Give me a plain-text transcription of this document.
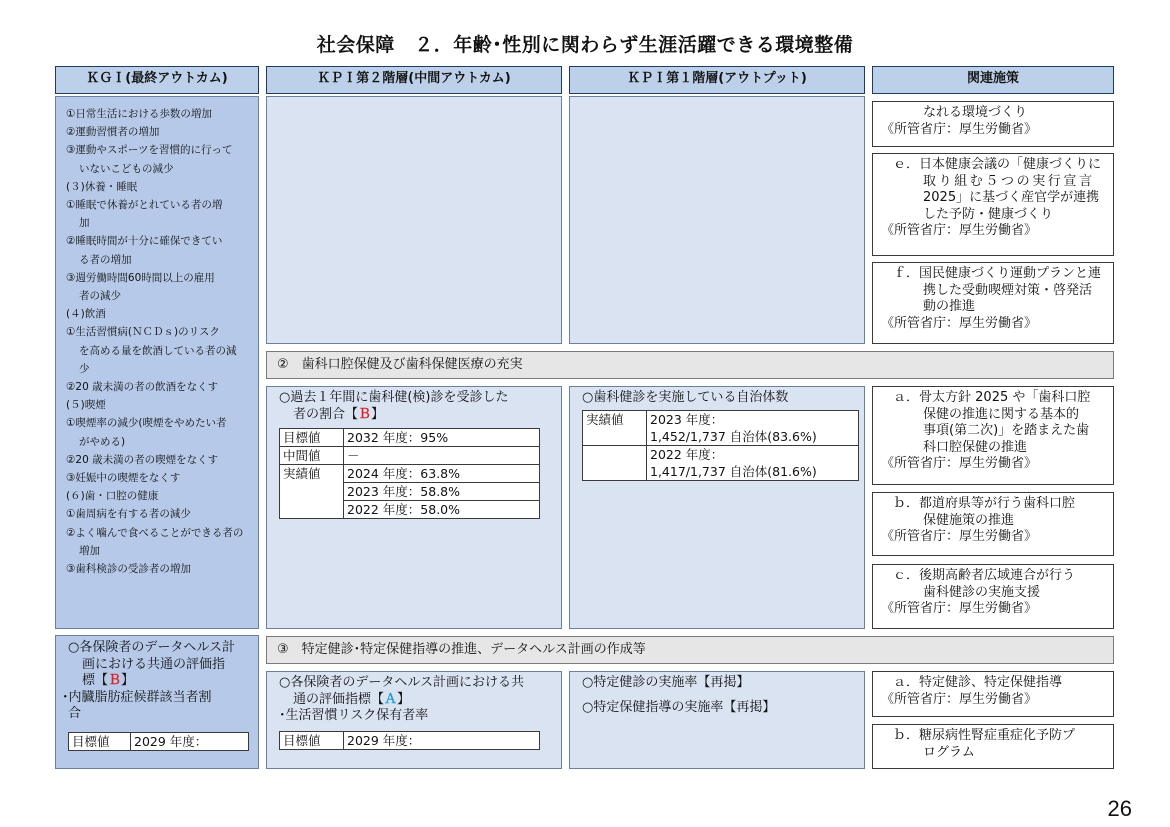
社会保障　２．年齢･性別に関わらず生涯活躍できる環境整備
ＫＧＩ(最終アウトカム)	ＫＰＩ第２階層(中間アウトカム)	ＫＰＩ第１階層(アウトプット)	関連施策
①日常生活における歩数の増加
②運動習慣者の増加
③運動やスポーツを習慣的に行って
いないこどもの減少
(３)休養・睡眠
①睡眠で休養がとれている者の増
加
②睡眠時間が十分に確保できてい
る者の増加
③週労働時間60時間以上の雇用
者の減少
(４)飲酒
①生活習慣病(ＮＣＤｓ)のリスク
を高める量を飲酒している者の減
少
②20 歳未満の者の飲酒をなくす
(５)喫煙
①喫煙率の減少(喫煙をやめたい者
がやめる)
②20 歳未満の者の喫煙をなくす
③妊娠中の喫煙をなくす
(６)歯・口腔の健康
①歯周病を有する者の減少
②よく噛んで食べることができる者の
増加
③歯科検診の受診者の増加
なれる環境づくり
《所管省庁：厚生労働省》
ｅ．日本健康会議の「健康づくりに
取り組む５つの実行宣言
2025」に基づく産官学が連携
した予防・健康づくり
《所管省庁：厚生労働省》
ｆ．国民健康づくり運動プランと連
携した受動喫煙対策・啓発活
動の推進
《所管省庁：厚生労働省》
②　歯科口腔保健及び歯科保健医療の充実
○過去１年間に歯科健(検)診を受診した
者の割合【Ｂ】
目標値	2032 年度：95%
中間値	－
実績値	2024 年度：63.8%
	2023 年度：58.8%
	2022 年度：58.0%
○歯科健診を実施している自治体数
実績値	2023 年度：
1,452/1,737 自治体(83.6%)

	2022 年度：
1,417/1,737 自治体(81.6%)
ａ．骨太方針 2025 や「歯科口腔
保健の推進に関する基本的
事項(第二次)」を踏まえた歯
科口腔保健の推進
《所管省庁：厚生労働省》
ｂ．都道府県等が行う歯科口腔
保健施策の推進
《所管省庁：厚生労働省》
ｃ．後期高齢者広域連合が行う
歯科健診の実施支援
《所管省庁：厚生労働省》
○各保険者のデータヘルス計
画における共通の評価指
標【Ｂ】
･内臓脂肪症候群該当者割
合
目標値	2029 年度：
③　特定健診･特定保健指導の推進、データヘルス計画の作成等
○各保険者のデータヘルス計画における共
通の評価指標【Ａ】
･生活習慣リスク保有者率
目標値	2029 年度：
○特定健診の実施率【再掲】
○特定保健指導の実施率【再掲】
ａ．特定健診、特定保健指導
《所管省庁：厚生労働省》
ｂ．糖尿病性腎症重症化予防プ
ログラム
26
